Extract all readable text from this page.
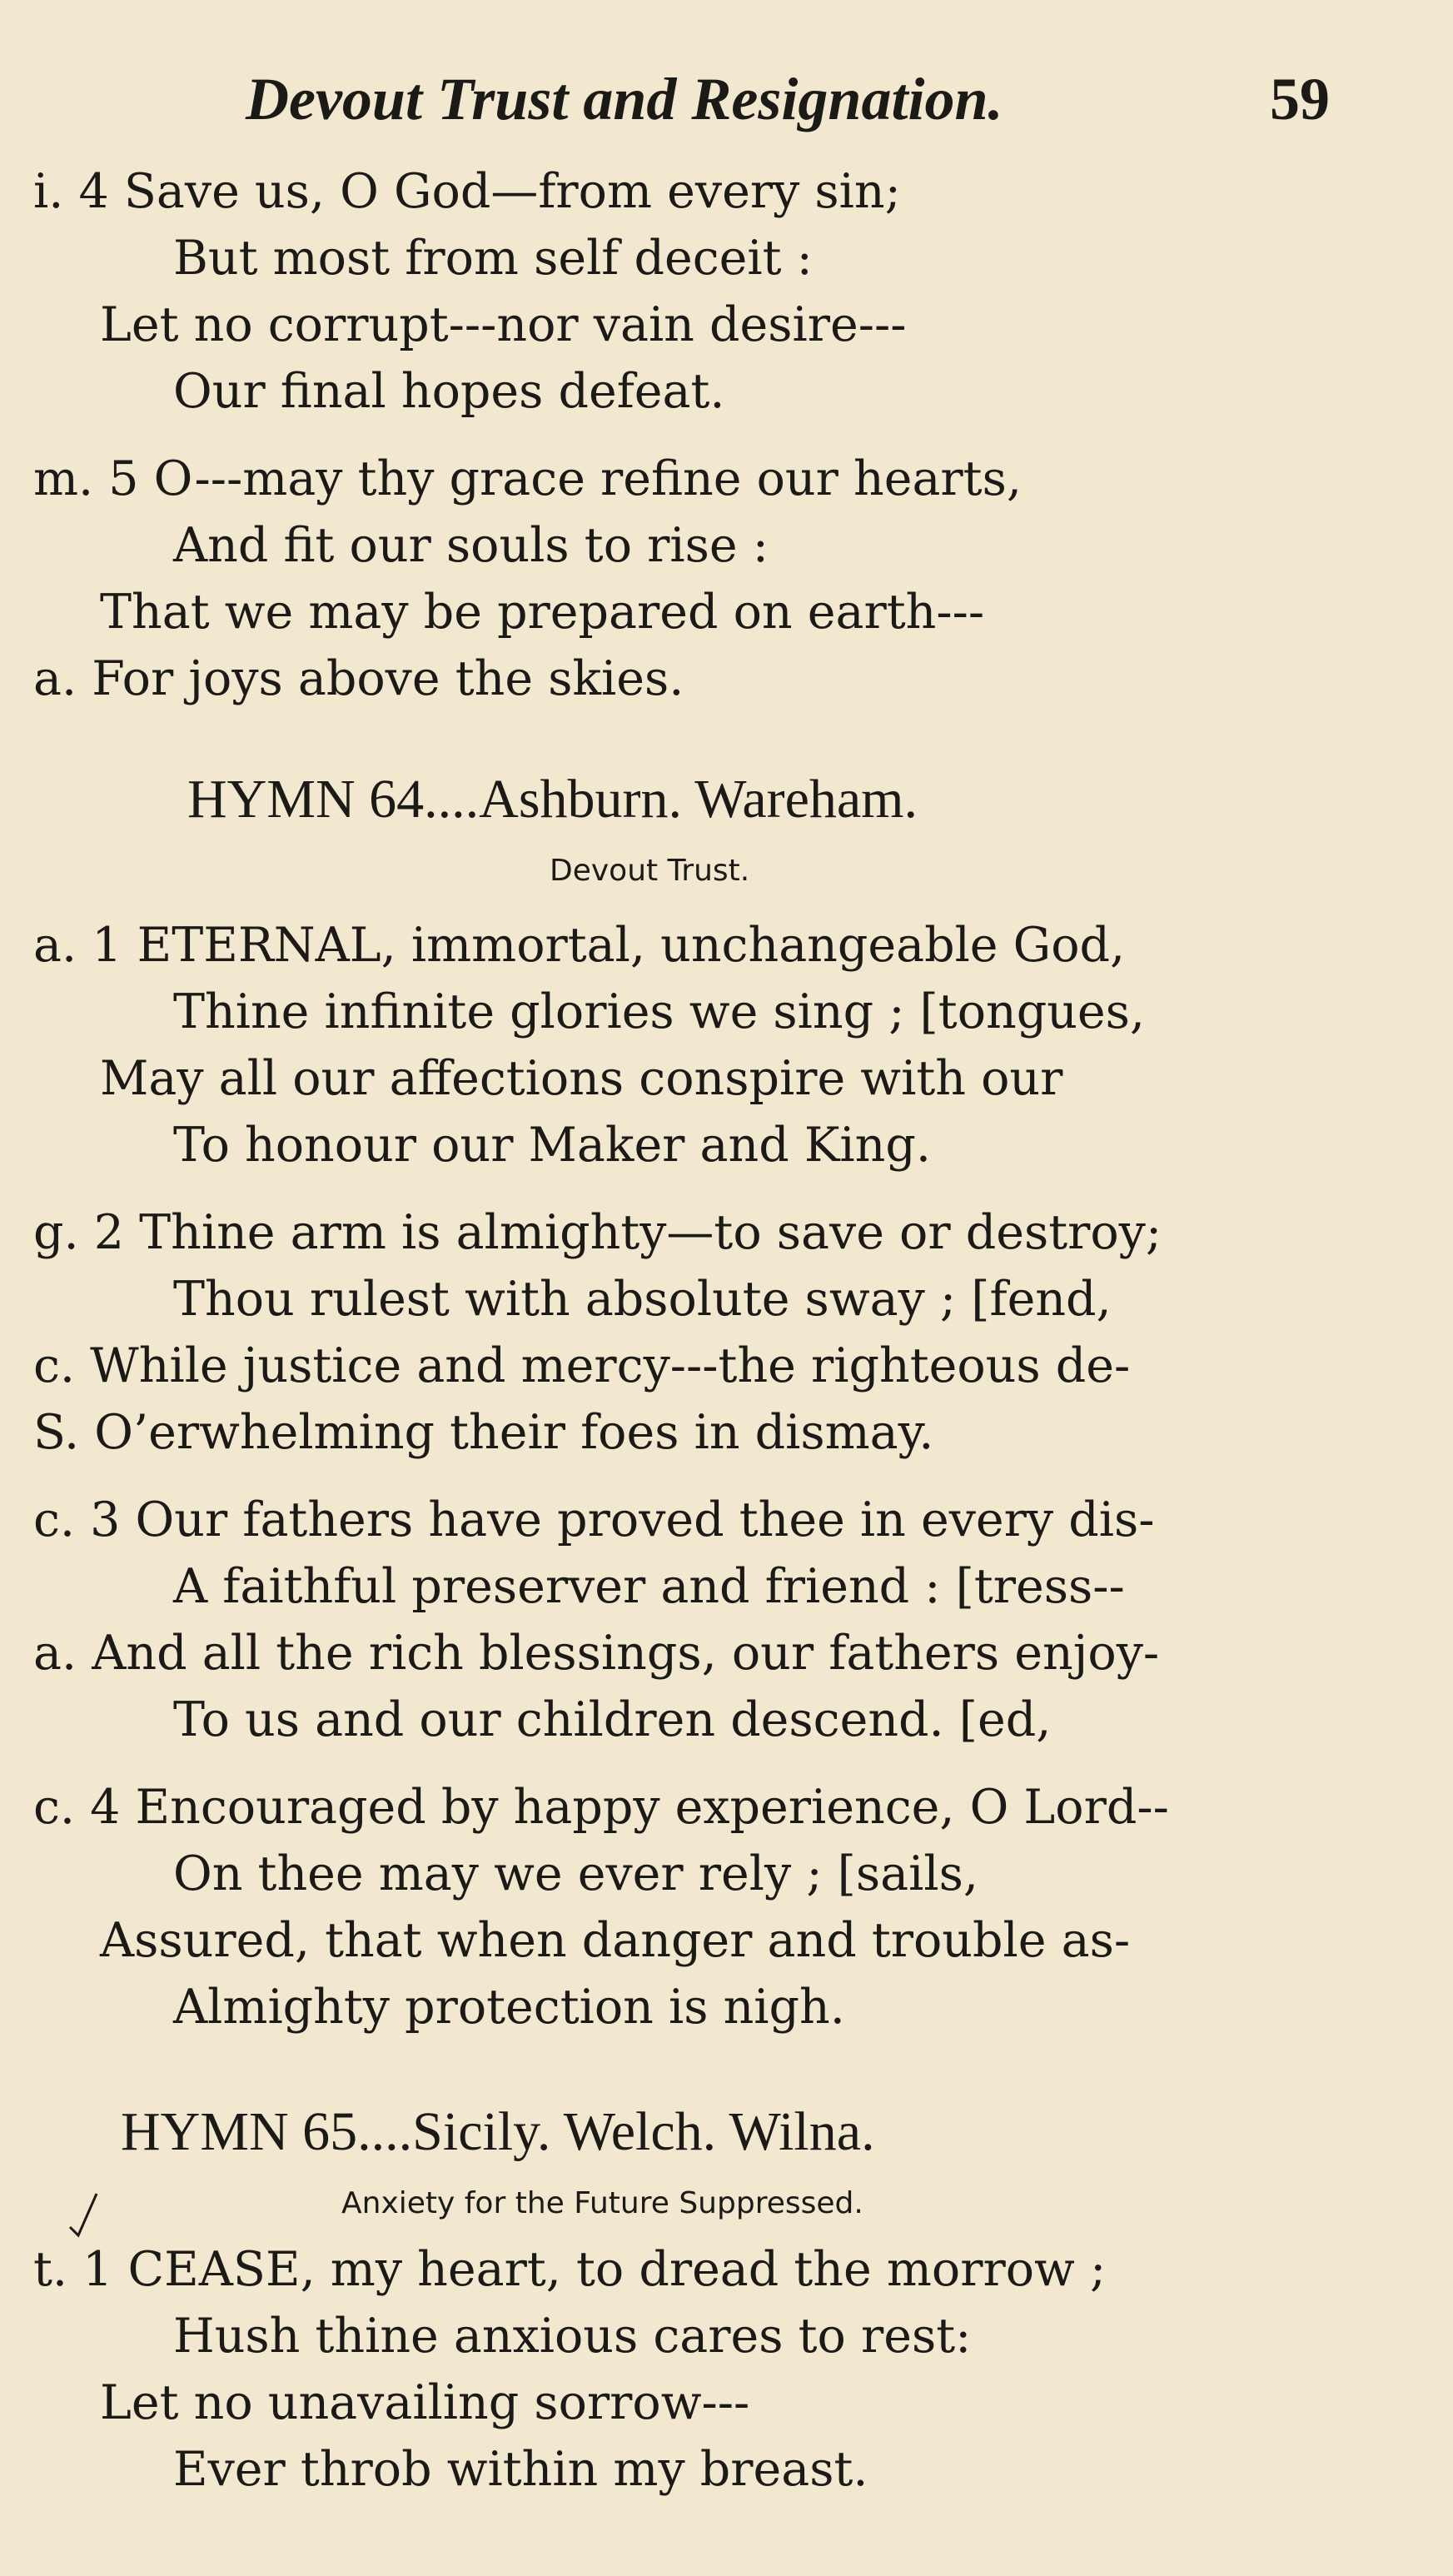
Devout Trust and Resignation.	59
i. 4 Save us, O God—from every sin;
But most from self deceit :
Let no corrupt---nor vain desire---
Our final hopes defeat.
m. 5 O---may thy grace refine our hearts,
And fit our souls to rise :
That we may be prepared on earth---
a. For joys above the skies.
HYMN 64....Ashburn. Wareham.
Devout Trust.
a. 1 ETERNAL, immortal, unchangeable God,
Thine infinite glories we sing ; [tongues,
May all our affections conspire with our
To honour our Maker and King.
g. 2 Thine arm is almighty—to save or destroy;
Thou rulest with absolute sway ; [fend,
c. While justice and mercy---the righteous de-
S. O’erwhelming their foes in dismay.
c. 3 Our fathers have proved thee in every dis-
A faithful preserver and friend : [tress--
a. And all the rich blessings, our fathers enjoy-
To us and our children descend. [ed,
c. 4 Encouraged by happy experience, O Lord--
On thee may we ever rely ; [sails,
Assured, that when danger and trouble as-
Almighty protection is nigh.
HYMN 65....Sicily. Welch. Wilna.
Anxiety for the Future Suppressed.
t. 1 CEASE, my heart, to dread the morrow ;
Hush thine anxious cares to rest:
Let no unavailing sorrow---
Ever throb within my breast.
